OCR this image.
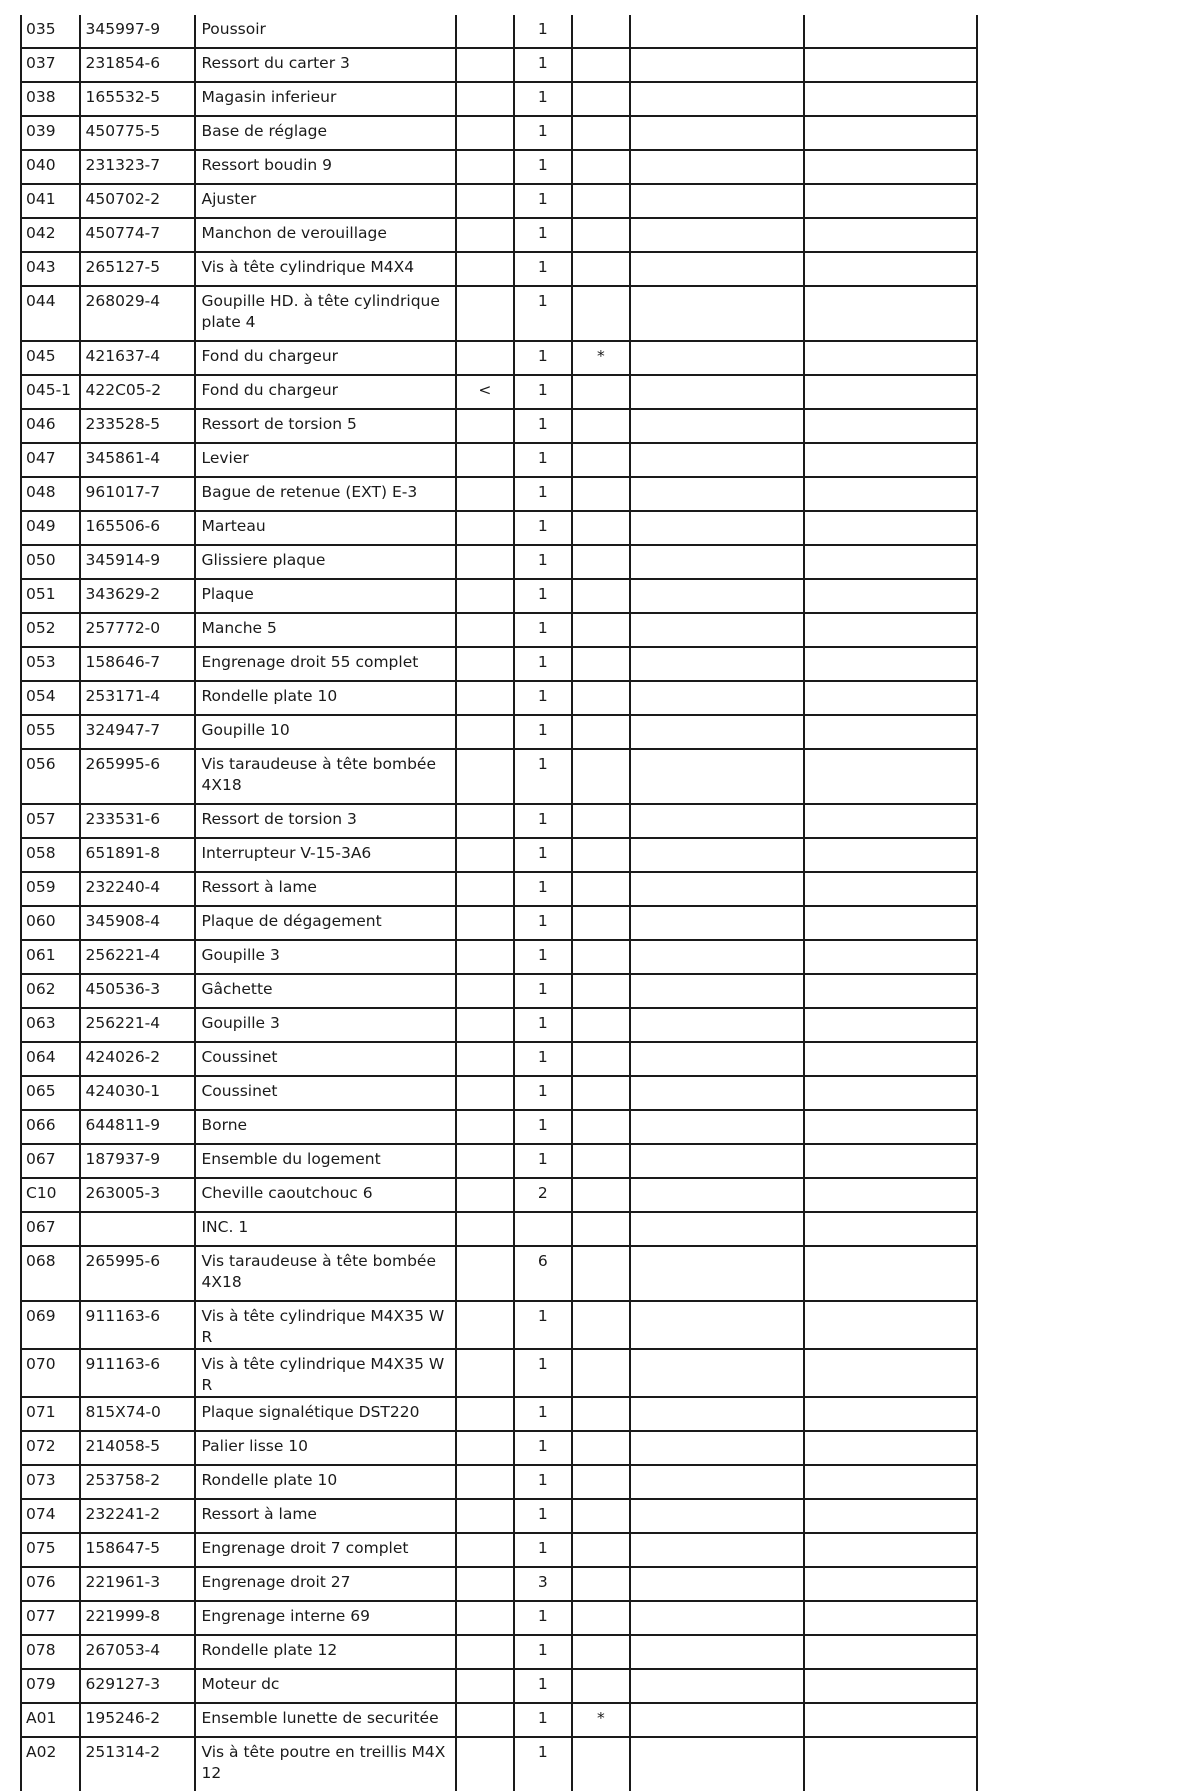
035	345997-9	Poussoir		1			
037	231854-6	Ressort du carter 3		1			
038	165532-5	Magasin inferieur		1			
039	450775-5	Base de réglage		1			
040	231323-7	Ressort boudin 9		1			
041	450702-2	Ajuster		1			
042	450774-7	Manchon de verouillage		1			
043	265127-5	Vis à tête cylindrique M4X4		1			
044	268029-4	Goupille HD. à tête cylindrique plate 4		1			
045	421637-4	Fond du chargeur		1	*		
045-1	422C05-2	Fond du chargeur	<	1			
046	233528-5	Ressort de torsion 5		1			
047	345861-4	Levier		1			
048	961017-7	Bague de retenue (EXT) E-3		1			
049	165506-6	Marteau		1			
050	345914-9	Glissiere plaque		1			
051	343629-2	Plaque		1			
052	257772-0	Manche 5		1			
053	158646-7	Engrenage droit 55 complet		1			
054	253171-4	Rondelle plate 10		1			
055	324947-7	Goupille 10		1			
056	265995-6	Vis taraudeuse à tête bombée 4X18		1			
057	233531-6	Ressort de torsion 3		1			
058	651891-8	Interrupteur V-15-3A6		1			
059	232240-4	Ressort à lame		1			
060	345908-4	Plaque de dégagement		1			
061	256221-4	Goupille 3		1			
062	450536-3	Gâchette		1			
063	256221-4	Goupille 3		1			
064	424026-2	Coussinet		1			
065	424030-1	Coussinet		1			
066	644811-9	Borne		1			
067	187937-9	Ensemble du logement		1			
C10	263005-3	Cheville caoutchouc 6		2			
067		INC. 1					
068	265995-6	Vis taraudeuse à tête bombée 4X18		6			
069	911163-6	Vis à tête cylindrique M4X35 WR		1			
070	911163-6	Vis à tête cylindrique M4X35 WR		1			
071	815X74-0	Plaque signalétique DST220		1			
072	214058-5	Palier lisse 10		1			
073	253758-2	Rondelle plate 10		1			
074	232241-2	Ressort à lame		1			
075	158647-5	Engrenage droit 7 complet		1			
076	221961-3	Engrenage droit 27		3			
077	221999-8	Engrenage interne 69		1			
078	267053-4	Rondelle plate 12		1			
079	629127-3	Moteur dc		1			
A01	195246-2	Ensemble lunette de securitée		1	*		
A02	251314-2	Vis à tête poutre en treillis M4X12		1			
